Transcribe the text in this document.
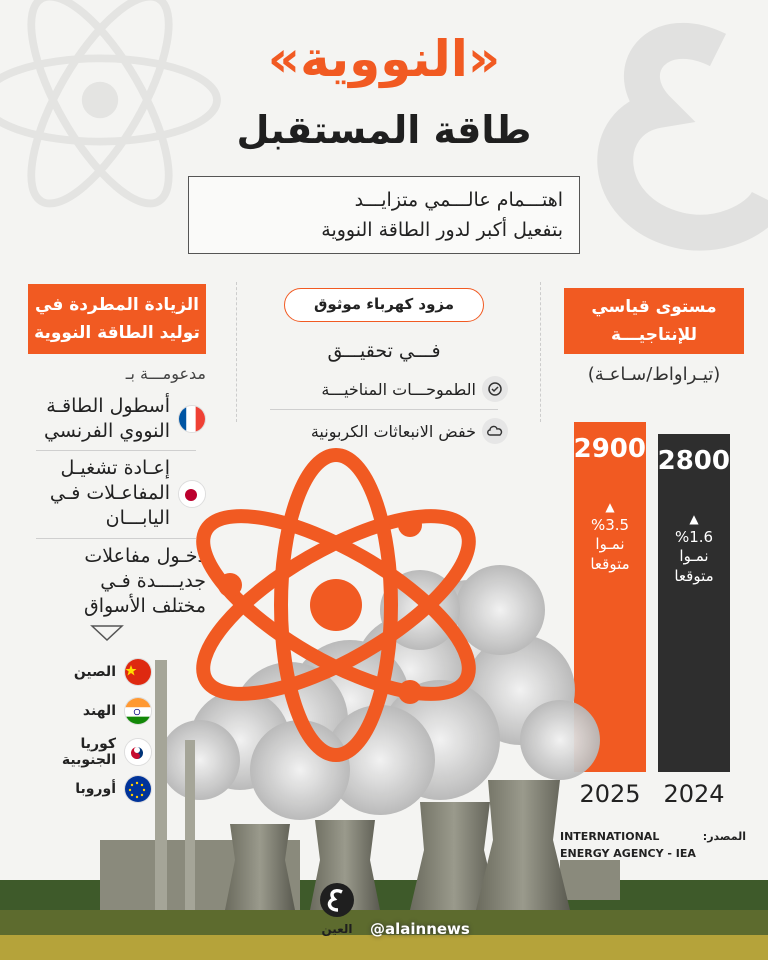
«النووية»
طاقة المستقبل
اهتـــمام عالـــمي متزايـــد
بتفعيل أكبر لدور الطاقة النووية
مستوى قياسي
للإنتاجيـــة
(تيـراواط/سـاعـة)
2900
▲
%3.5
نمـوا
متوقعا
2025
2800
▲
%1.6
نمـوا
متوقعا
2024
INTERNATIONAL	المصدر:
ENERGY AGENCY - IEA
مزود كهرباء موثوق
فـــي تحقيـــق
الطموحـــات المناخيـــة
خفض الانبعاثات الكربونية
الزيادة المطردة في
توليد الطاقة النووية
مدعومـــة بـ
أسطول الطاقـة
النووي الفرنسي
إعـادة تشغيـل
المفاعـلات فـي
اليابـــان
دخـول مفاعلات
جديــــدة فـي
مختلف الأسواق
الصين
الهند
كوريا الجنوبية
أوروبا
العين	@alainnews
